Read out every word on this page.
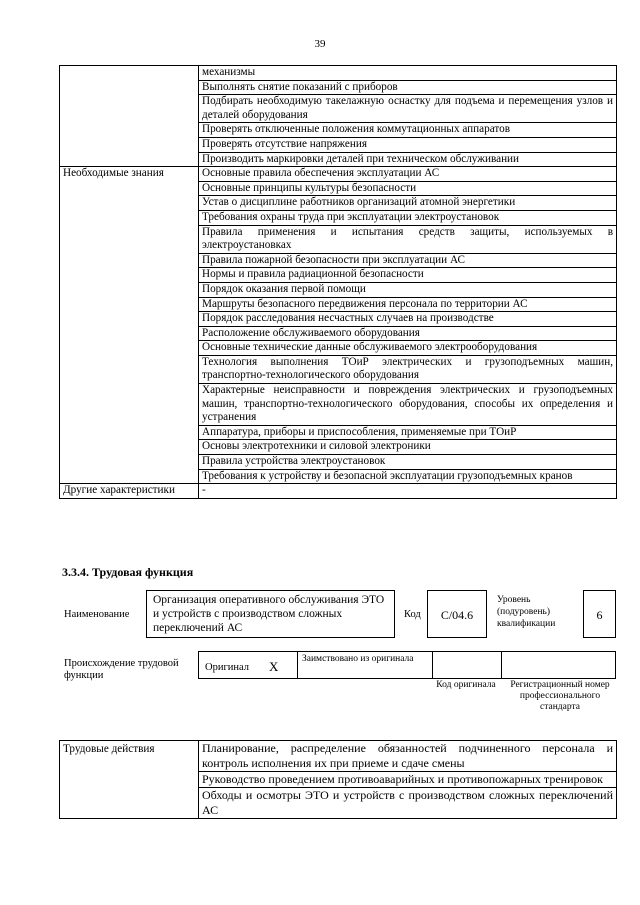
39
	механизмы
	Выполнять снятие показаний с приборов
	Подбирать необходимую такелажную оснастку для подъема и перемещения узлов и деталей оборудования
	Проверять отключенные положения коммутационных аппаратов
	Проверять отсутствие напряжения
	Производить маркировки деталей при техническом обслуживании
Необходимые знания	Основные правила обеспечения эксплуатации АС
	Основные принципы культуры безопасности
	Устав о дисциплине работников организаций атомной энергетики
	Требования охраны труда при эксплуатации электроустановок
	Правила применения и испытания средств защиты, используемых в электроустановках
	Правила пожарной безопасности при эксплуатации АС
	Нормы и правила радиационной безопасности
	Порядок оказания первой помощи
	Маршруты безопасного передвижения персонала по территории АС
	Порядок расследования несчастных случаев на производстве
	Расположение обслуживаемого оборудования
	Основные технические данные обслуживаемого электрооборудования
	Технология выполнения ТОиР электрических и грузоподъемных машин, транспортно-технологического оборудования
	Характерные неисправности и повреждения электрических и грузоподъемных машин, транспортно-технологического оборудования, способы их определения и устранения
	Аппаратура, приборы и приспособления, применяемые при ТОиР
	Основы электротехники и силовой электроники
	Правила устройства электроустановок
	Требования к устройству и безопасной эксплуатации грузоподъемных кранов
Другие характеристики	-
3.3.4. Трудовая функция
Наименование
Организация оперативного обслуживания ЭТО и устройств с производством сложных переключений АС
Код	С/04.6
Уровень (подуровень) квалификации
6
Происхождение трудовой функции
Оригинал X	Заимствовано из оригинала
Код оригинала Регистрационный номер профессионального стандарта
Трудовые действия	Планирование, распределение обязанностей подчиненного персонала и контроль исполнения их при приеме и сдаче смены
Руководство проведением противоаварийных и противопожарных тренировок
Обходы и осмотры ЭТО и устройств с производством сложных переключений АС
